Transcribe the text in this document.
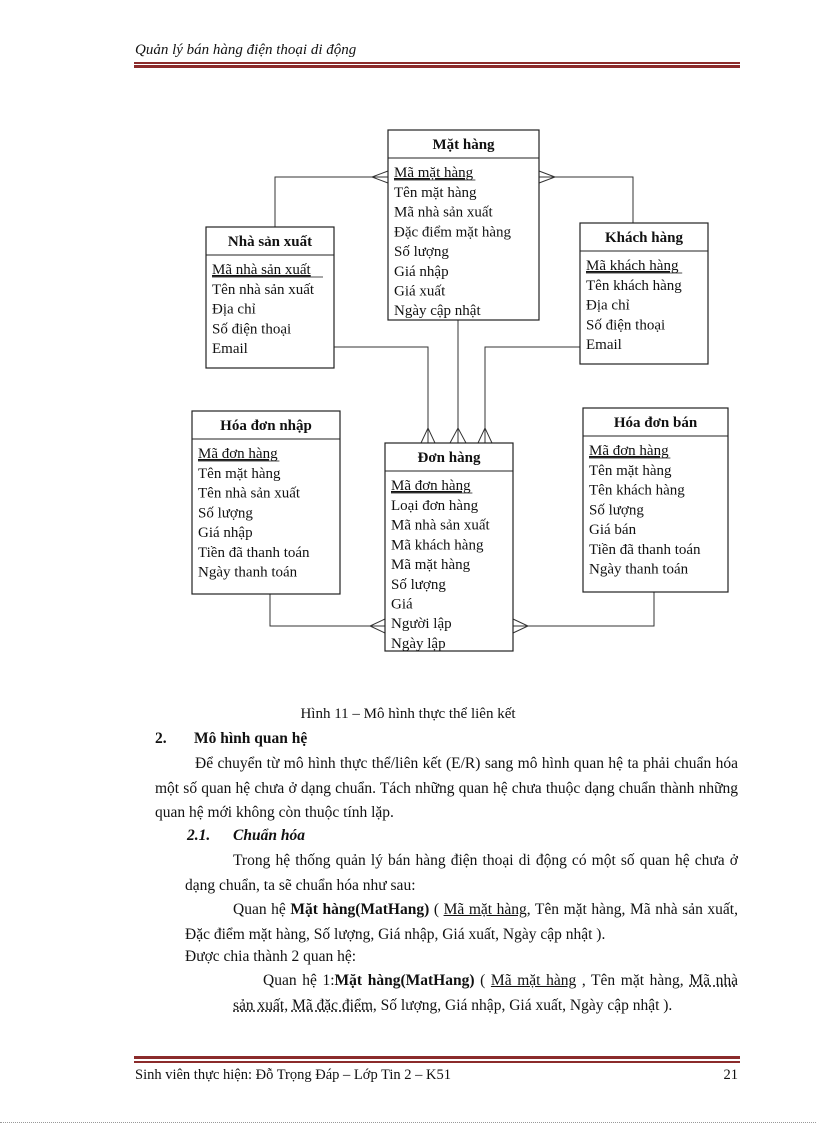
Quản lý bán hàng điện thoại di động
Mặt hàng
Mã mặt hàng
Tên mặt hàng
Mã nhà sản xuất
Đặc điểm mặt hàng
Số lượng
Giá nhập
Giá xuất
Ngày cập nhật
Nhà sản xuất
Mã nhà sản xuất
Tên nhà sản xuất
Địa chỉ
Số điện thoại
Email
Khách hàng
Mã khách hàng
Tên khách hàng
Địa chỉ
Số điện thoại
Email
Hóa đơn nhập
Mã đơn hàng
Tên mặt hàng
Tên nhà sản xuất
Số lượng
Giá nhập
Tiền đã thanh toán
Ngày thanh toán
Đơn hàng
Mã đơn hàng
Loại đơn hàng
Mã nhà sản xuất
Mã khách hàng
Mã mặt hàng
Số lượng
Giá
Người lập
Ngày lập
Hóa đơn bán
Mã đơn hàng
Tên mặt hàng
Tên khách hàng
Số lượng
Giá bán
Tiền đã thanh toán
Ngày thanh toán
Hình 11 – Mô hình thực thể liên kết
2. Mô hình quan hệ
Để chuyển từ mô hình thực thể/liên kết (E/R) sang mô hình quan hệ ta phải chuẩn hóa một số quan hệ chưa ở dạng chuẩn. Tách những quan hệ chưa thuộc dạng chuẩn thành những quan hệ mới không còn thuộc tính lặp.
2.1. Chuẩn hóa
Trong hệ thống quản lý bán hàng điện thoại di động có một số quan hệ chưa ở dạng chuẩn, ta sẽ chuẩn hóa như sau:
Quan hệ Mặt hàng(MatHang) ( Mã mặt hàng, Tên mặt hàng, Mã nhà sản xuất, Đặc điểm mặt hàng, Số lượng, Giá nhập, Giá xuất, Ngày cập nhật ).
Được chia thành 2 quan hệ:
Quan hệ 1:Mặt hàng(MatHang) ( Mã mặt hàng , Tên mặt hàng, Mã nhà sản xuất, Mã đặc điểm, Số lượng, Giá nhập, Giá xuất, Ngày cập nhật ).
Sinh viên thực hiện: Đỗ Trọng Đáp – Lớp Tin 2 – K51	21
